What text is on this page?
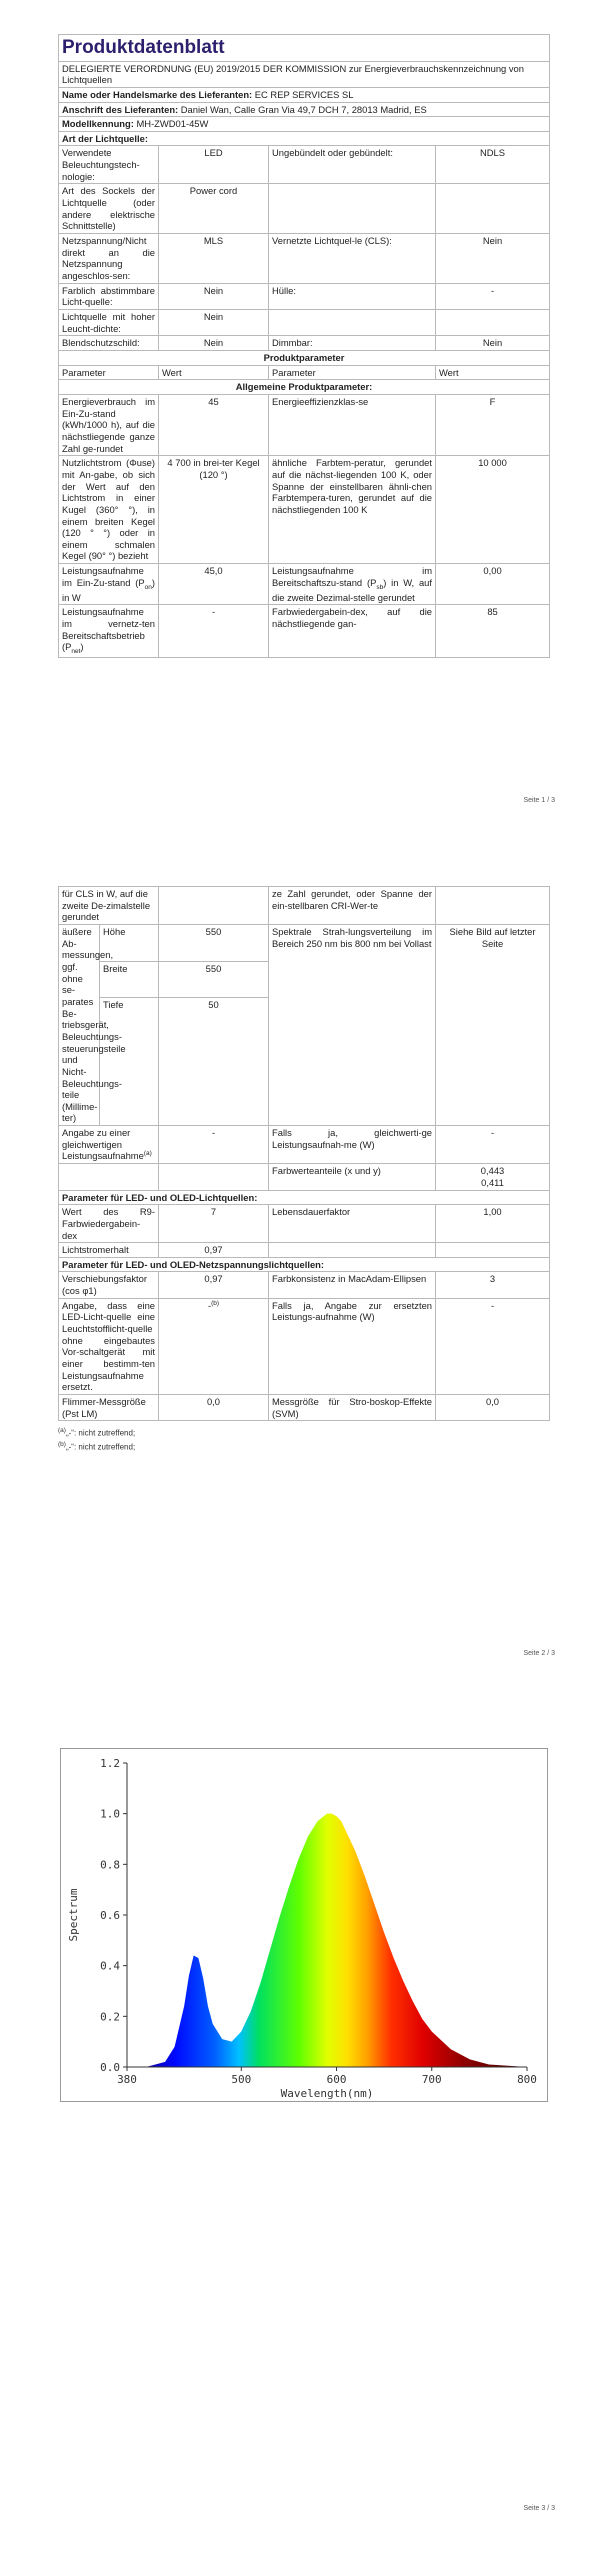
Produktdatenblatt			
DELEGIERTE VERORDNUNG (EU) 2019/2015 DER KOMMISSION zur Energieverbrauchskennzeichnung von Lichtquellen			
Name oder Handelsmarke des Lieferanten: EC REP SERVICES SL			
Anschrift des Lieferanten: Daniel Wan, Calle Gran Via 49,7 DCH 7, 28013 Madrid, ES			
Modellkennung: MH-ZWD01-45W			
Art der Lichtquelle:			
Verwendete Beleuchtungstech-nologie:	LED	Ungebündelt oder gebündelt:	NDLS
Art des Sockels der Lichtquelle (oder andere elektrische Schnittstelle)	Power cord		
Netzspannung/Nicht direkt an die Netzspannung angeschlos-sen:	MLS	Vernetzte Lichtquel-le (CLS):	Nein
Farblich abstimmbare Licht-quelle:	Nein	Hülle:	-
Lichtquelle mit hoher Leucht-dichte:	Nein		
Blendschutzschild:	Nein	Dimmbar:	Nein
Produktparameter			
Parameter	Wert	Parameter	Wert
Allgemeine Produktparameter:			
Energieverbrauch im Ein-Zu-stand (kWh/1000 h), auf die nächstliegende ganze Zahl ge-rundet	45	Energieeffizienzklas-se	F
Nutzlichtstrom (Φuse) mit An-gabe, ob sich der Wert auf den Lichtstrom in einer Kugel (360° °), in einem breiten Kegel (120 ° °) oder in einem schmalen Kegel (90° °) bezieht	4 700 in brei-ter Kegel (120 °)	ähnliche Farbtem-peratur, gerundet auf die nächst-liegenden 100 K, oder Spanne der einstellbaren ähnli-chen Farbtempera-turen, gerundet auf die nächstliegenden 100 K	10 000
Leistungsaufnahme im Ein-Zu-stand $(P_{on})$ in W	45,0	Leistungsaufnahme im Bereitschaftszu-stand $(P_{sb})$ in W, auf die zweite Dezimal-stelle gerundet	0,00
Leistungsaufnahme im vernetz-ten Bereitschaftsbetrieb $(P_{net})$	-	Farbwiedergabein-dex, auf die nächstliegende gan-	85
Seite 1 / 3
für CLS in W, auf die zweite De-zimalstelle gerundet			ze Zahl gerundet, oder Spanne der ein-stellbaren CRI-Wer-te	
äußere Ab-messungen, ggf. ohne se-parates Be-triebsgerät, Beleuchtungs-steuerungsteile und Nicht-Beleuchtungs-teile (Millime-ter)	Höhe	550	Spektrale Strah-lungsverteilung im Bereich 250 nm bis 800 nm bei Vollast	Siehe Bild auf letzter Seite
	Breite	550		
	Tiefe	50		
Angabe zu einer gleichwertigen Leistungsaufnahme$^{(a)}$		-	Falls ja, gleichwerti-ge Leistungsaufnah-me (W)	-
			Farbwerteanteile (x und y)	0,443
0,411

Parameter für LED- und OLED-Lichtquellen:				
Wert des R9-Farbwiedergabein-dex		7	Lebensdauerfaktor	1,00
Lichtstromerhalt		0,97		
Parameter für LED- und OLED-Netzspannungslichtquellen:				
Verschiebungsfaktor (cos φ1)		0,97	Farbkonsistenz in MacAdam-Ellipsen	3
Angabe, dass eine LED-Licht-quelle eine Leuchtstofflicht-quelle ohne eingebautes Vor-schaltgerät mit einer bestimm-ten Leistungsaufnahme ersetzt.		-$^{(b)}$	Falls ja, Angabe zur ersetzten Leistungs-aufnahme (W)	-
Flimmer-Messgröße (Pst LM)		0,0	Messgröße für Stro-boskop-Effekte (SVM)	0,0
$^{(a)}$„-“: nicht zutreffend;
$^{(b)}$„-“: nicht zutreffend;
Seite 2 / 3
380	500	600	700	800
0.0
0.2
0.4
0.6
0.8
1.0
1.2
Wavelength(nm)
Spectrum
Seite 3 / 3
